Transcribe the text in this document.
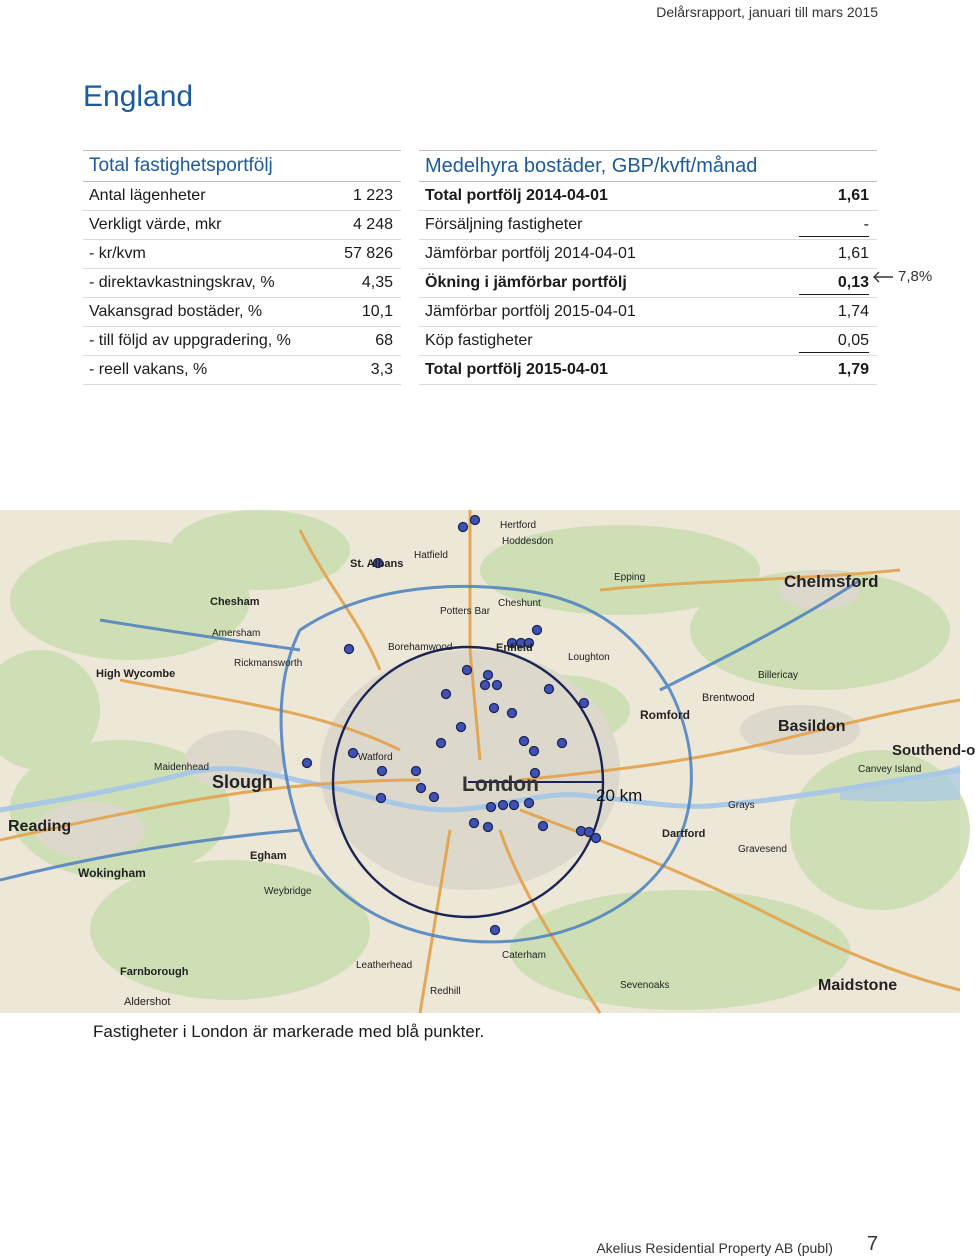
Delårsrapport, januari till mars 2015
England
Total fastighetsportfölj
Antal lägenheter	1 223
Verkligt värde, mkr	4 248
- kr/kvm	57 826
- direktavkastningskrav, %	4,35
Vakansgrad bostäder, %	10,1
- till följd av uppgradering, %	68
- reell vakans, %	3,3
Medelhyra bostäder, GBP/kvft/månad
Total portfölj 2014-04-01	1,61
Försäljning fastigheter	-
Jämförbar portfölj 2014-04-01	1,61
Ökning i jämförbar portfölj	0,13
Jämförbar portfölj 2015-04-01	1,74
Köp fastigheter	0,05
Total portfölj 2015-04-01	1,79
7,8%
Chelmsford
Basildon
Romford
Slough
Reading
Maidstone
Southend-o
Enfield
St. Albans
Hertford
Hoddesdon
Wokingham
High Wycombe
Dartford
Gravesend
Chesham
Amersham
Brentwood
Billericay
Watford
Cheshunt
Loughton
Sevenoaks
Aldershot
Farnborough
Egham
Grays
Canvey Island
Maidenhead
Weybridge
Leatherhead
Caterham
Rickmansworth
Epping
Hatfield
Potters Bar
Borehamwood
Redhill
London	20 km
Fastigheter i London är markerade med blå punkter.
Akelius Residential Property AB (publ) 7
